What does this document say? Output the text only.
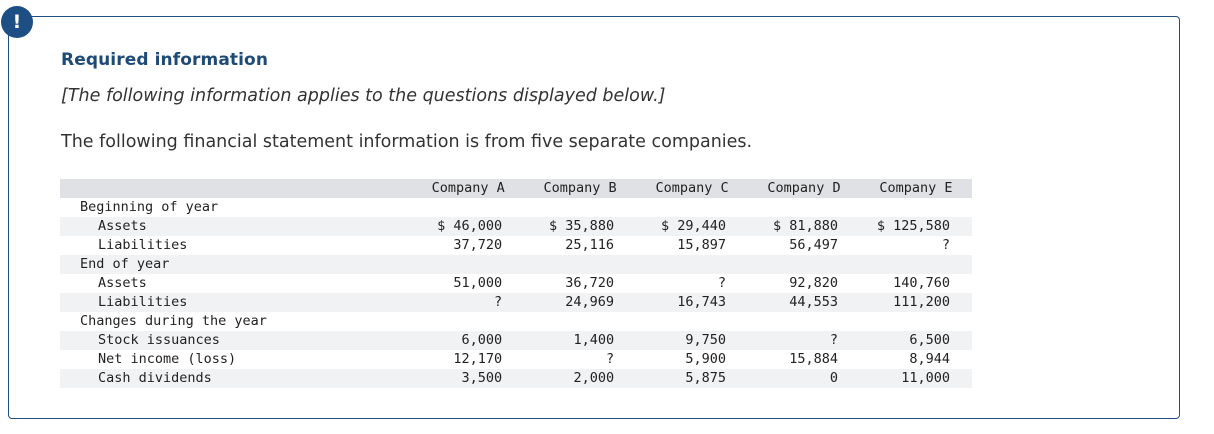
!
Required information

[The following information applies to the questions displayed below.]

The following financial statement information is from five separate companies.

	Company A	Company B	Company C	Company D	Company E
Beginning of year					
Assets	$ 46,000	$ 35,880	$ 29,440	$ 81,880	$ 125,580
Liabilities	37,720	25,116	15,897	56,497	?
End of year					
Assets	51,000	36,720	?	92,820	140,760
Liabilities	?	24,969	16,743	44,553	111,200
Changes during the year					
Stock issuances	6,000	1,400	9,750	?	6,500
Net income (loss)	12,170	?	5,900	15,884	8,944
Cash dividends	3,500	2,000	5,875	0	11,000
